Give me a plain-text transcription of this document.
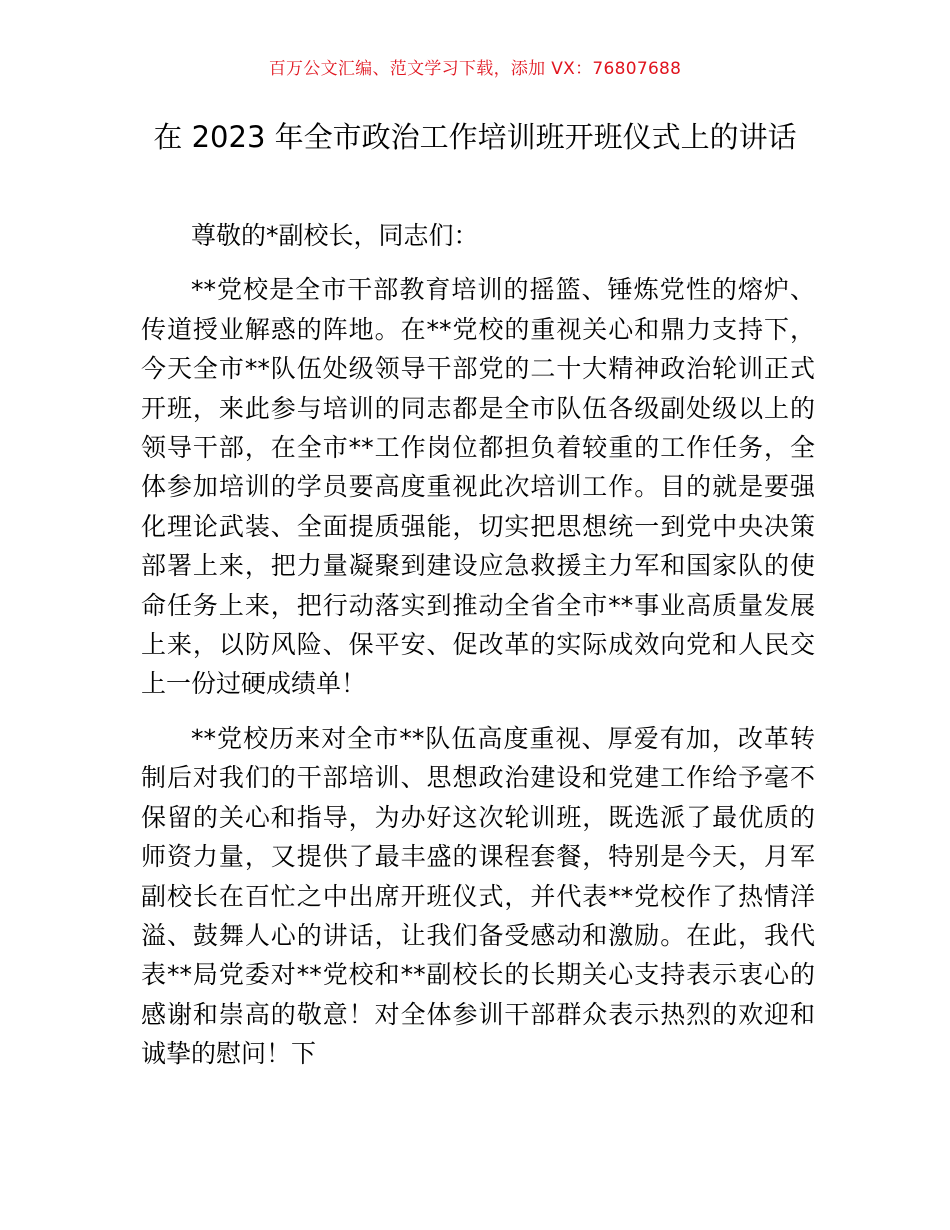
百万公文汇编、范文学习下载，添加 VX：76807688
在 2023 年全市政治工作培训班开班仪式上的讲话

尊敬的*副校长，同志们：

**党校是全市干部教育培训的摇篮、锤炼党性的熔炉、传道授业解惑的阵地。在**党校的重视关心和鼎力支持下，今天全市**队伍处级领导干部党的二十大精神政治轮训正式开班，来此参与培训的同志都是全市队伍各级副处级以上的领导干部，在全市**工作岗位都担负着较重的工作任务，全体参加培训的学员要高度重视此次培训工作。目的就是要强化理论武装、全面提质强能，切实把思想统一到党中央决策部署上来，把力量凝聚到建设应急救援主力军和国家队的使命任务上来，把行动落实到推动全省全市**事业高质量发展上来，以防风险、保平安、促改革的实际成效向党和人民交上一份过硬成绩单！

**党校历来对全市**队伍高度重视、厚爱有加，改革转制后对我们的干部培训、思想政治建设和党建工作给予毫不保留的关心和指导，为办好这次轮训班，既选派了最优质的师资力量，又提供了最丰盛的课程套餐，特别是今天，月军副校长在百忙之中出席开班仪式，并代表**党校作了热情洋溢、鼓舞人心的讲话，让我们备受感动和激励。在此，我代表**局党委对**党校和**副校长的长期关心支持表示衷心的感谢和崇高的敬意！对全体参训干部群众表示热烈的欢迎和诚挚的慰问！下
